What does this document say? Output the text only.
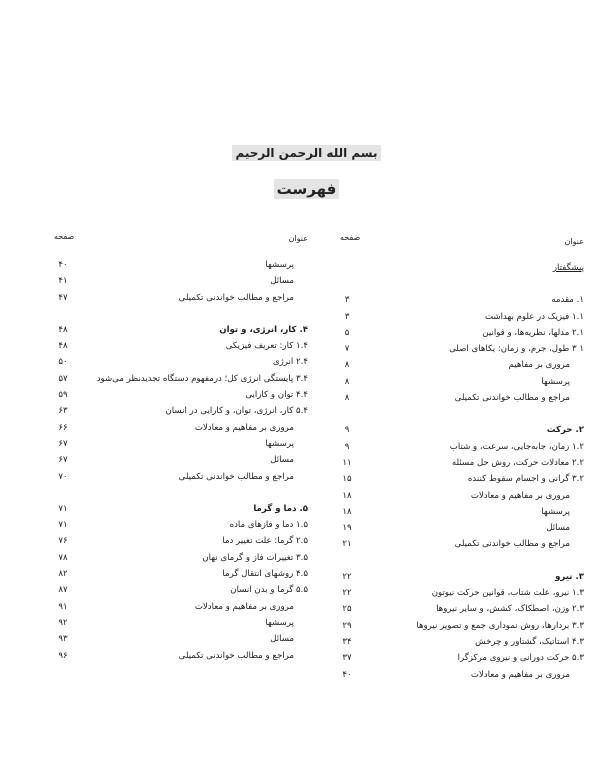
بسم الله الرحمن الرحیم
فهرست
عنوان
صفحه
پیشگفتار
۱. مقدمه
۳
۱.۱ فیزیک در علوم بهداشت
۳
۲.۱ مدلها، نظریه‌ها، و قوانین
۵
۱ ۳ طول، جرم، و زمان: یکاهای اصلی
۷
مروری بر مفاهیم
۸
پرسشها
۸
مراجع و مطالب خواندنی تکمیلی
۸
۲. حرکت
۹
۱.۲ زمان، جابه‌جایی، سرعت، و شتاب
۹
۲.۲ معادلات حرکت، روش حل مسئله
۱۱
۳.۲ گرانی و اجسام سقوط کننده
۱۵
مروری بر مفاهیم و معادلات
۱۸
پرسشها
۱۸
مسائل
۱۹
مراجع و مطالب خواندنی تکمیلی
۲۱
۳. نیرو
۲۲
۱.۳ نیرو، علت شتاب، قوانین حرکت نیوتون
۲۲
۲.۳ وزن، اصطکاک، کشش، و سایر نیروها
۲۵
۳.۳ بردارها، روش نموداری جمع و تصویر نیروها
۲۹
۴.۳ استاتیک، گشتاور و چرخش
۳۴
۵.۳ حرکت دورانی و نیروی مرکزگرا
۳۷
مروری بر مفاهیم و معادلات
۴۰
عنوان
صفحه
پرسشها
۴۰
مسائل
۴۱
مراجع و مطالب خواندنی تکمیلی
۴۷
۴. کار، انرژی، و توان
۴۸
۱.۴ کار: تعریف فیزیکی
۴۸
۲.۴ انرژی
۵۰
۳.۴ پایستگی انرژی کل؛ درمفهوم دستگاه تجدیدنظر می‌شود
۵۷
۴.۴ توان و کارایی
۵۹
۵.۴ کار، انرژی، توان، و کارایی در انسان
۶۳
مروری بر مفاهیم و معادلات
۶۶
پرسشها
۶۷
مسائل
۶۷
مراجع و مطالب خواندنی تکمیلی
۷۰
۵. دما و گرما
۷۱
۱.۵ دما و فازهای ماده
۷۱
۲.۵ گرما: علت تغییر دما
۷۶
۳.۵ تغییرات فاز و گرمای نهان
۷۸
۴.۵ روشهای انتقال گرما
۸۲
۵.۵ گرما و بدن انسان
۸۷
مروری بر مفاهیم و معادلات
۹۱
پرسشها
۹۲
مسائل
۹۳
مراجع و مطالب خواندنی تکمیلی
۹۶
